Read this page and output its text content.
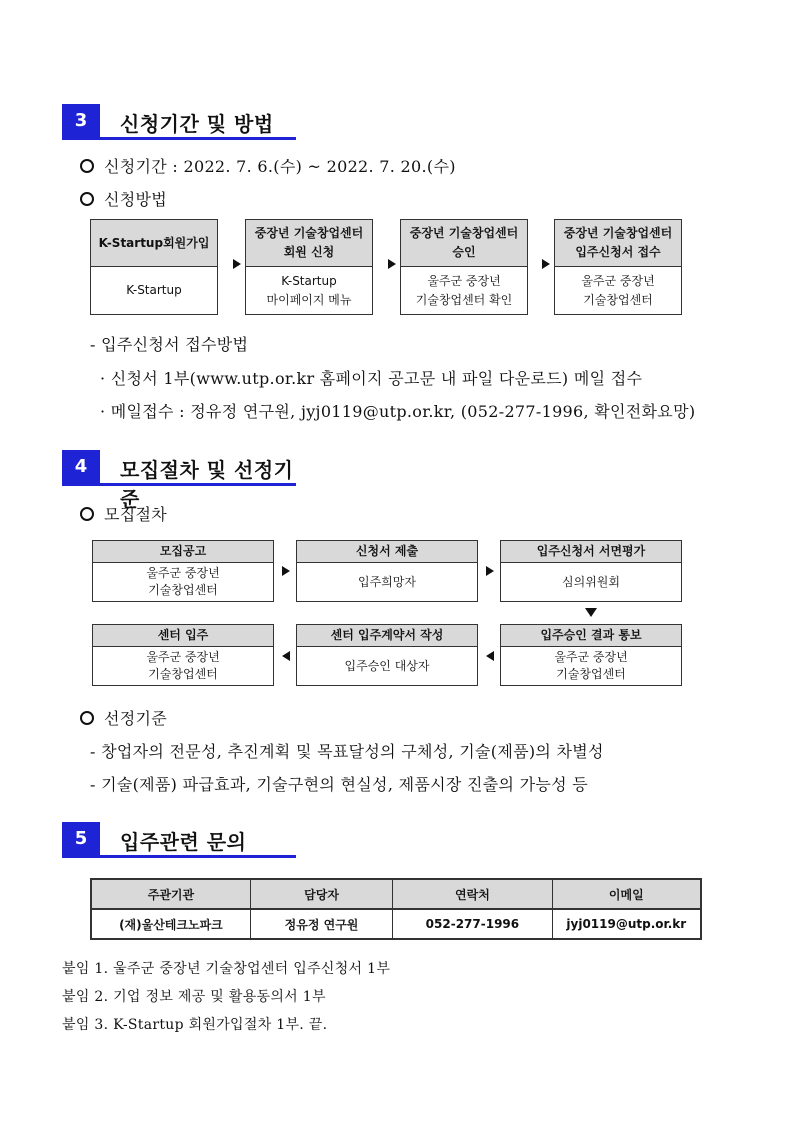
3	신청기간 및 방법
신청기간 : 2022. 7. 6.(수) ~ 2022. 7. 20.(수)
신청방법
K-Startup회원가입
K-Startup
중장년 기술창업센터
회원 신청
K-Startup
마이페이지 메뉴
중장년 기술창업센터
승인
울주군 중장년
기술창업센터 확인
중장년 기술창업센터
입주신청서 접수
울주군 중장년
기술창업센터
- 입주신청서 접수방법
· 신청서 1부(www.utp.or.kr 홈페이지 공고문 내 파일 다운로드) 메일 접수
· 메일접수 : 정유정 연구원, jyj0119@utp.or.kr, (052-277-1996, 확인전화요망)
4	모집절차 및 선정기준
모집절차
모집공고
울주군 중장년
기술창업센터
신청서 제출
입주희망자
입주신청서 서면평가
심의위원회
센터 입주
울주군 중장년
기술창업센터
센터 입주계약서 작성
입주승인 대상자
입주승인 결과 통보
울주군 중장년
기술창업센터
선정기준
- 창업자의 전문성, 추진계획 및 목표달성의 구체성, 기술(제품)의 차별성
- 기술(제품) 파급효과, 기술구현의 현실성, 제품시장 진출의 가능성 등
5	입주관련 문의
주관기관	담당자	연락처	이메일
(재)울산테크노파크	정유정 연구원	052-277-1996	jyj0119@utp.or.kr
붙임 1. 울주군 중장년 기술창업센터 입주신청서 1부
붙임 2. 기업 정보 제공 및 활용동의서 1부
붙임 3. K-Startup 회원가입절차 1부. 끝.
